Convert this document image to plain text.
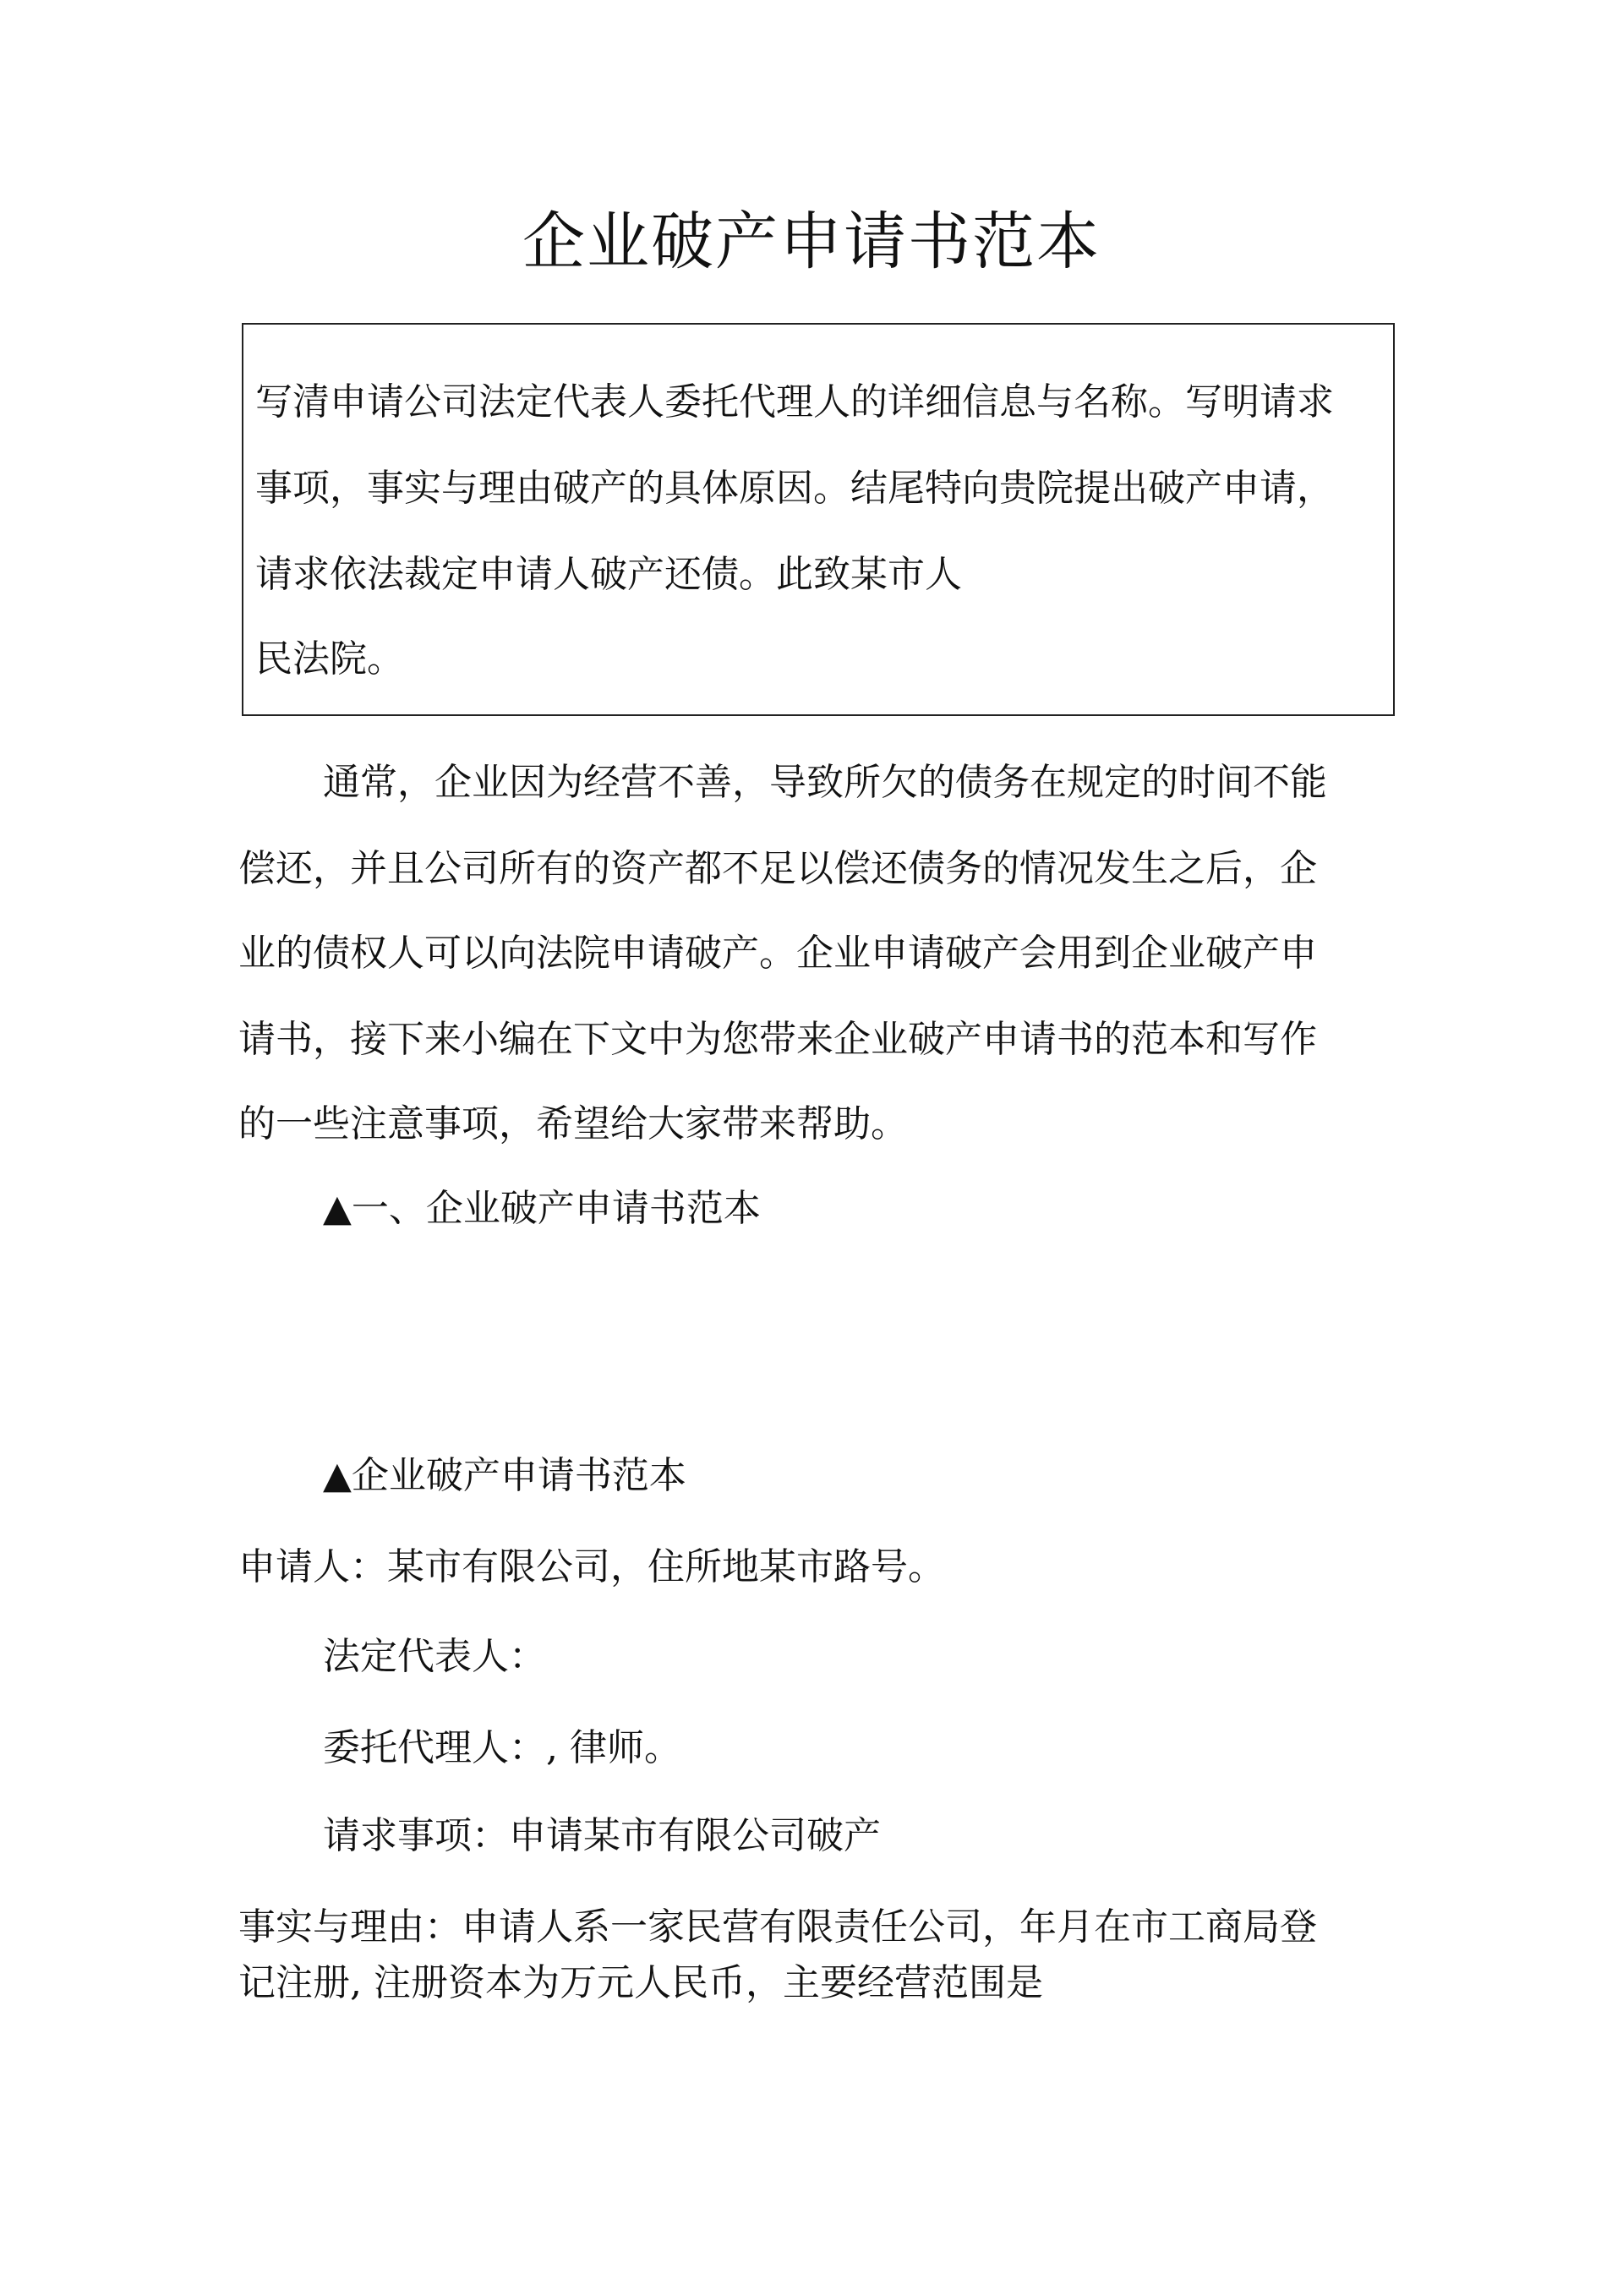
企业破产申请书范本
写清申请公司法定代表人委托代理人的详细信息与名称。写明请求
事项，事实与理由破产的具体原因。结尾特向贵院提出破产申请，
请求依法裁定申请人破产还债。此致某市人
民法院。
通常，企业因为经营不善，导致所欠的债务在规定的时间不能
偿还，并且公司所有的资产都不足以偿还债务的情况发生之后，企
业的债权人可以向法院申请破产。企业申请破产会用到企业破产申
请书，接下来小编在下文中为您带来企业破产申请书的范本和写作
的一些注意事项，希望给大家带来帮助。
▲一、企业破产申请书范本
▲企业破产申请书范本
申请人：某市有限公司，住所地某市路号。
法定代表人：
委托代理人：, 律师。
请求事项：申请某市有限公司破产
事实与理由：申请人系一家民营有限责任公司，年月在市工商局登
记注册, 注册资本为万元人民币，主要经营范围是
